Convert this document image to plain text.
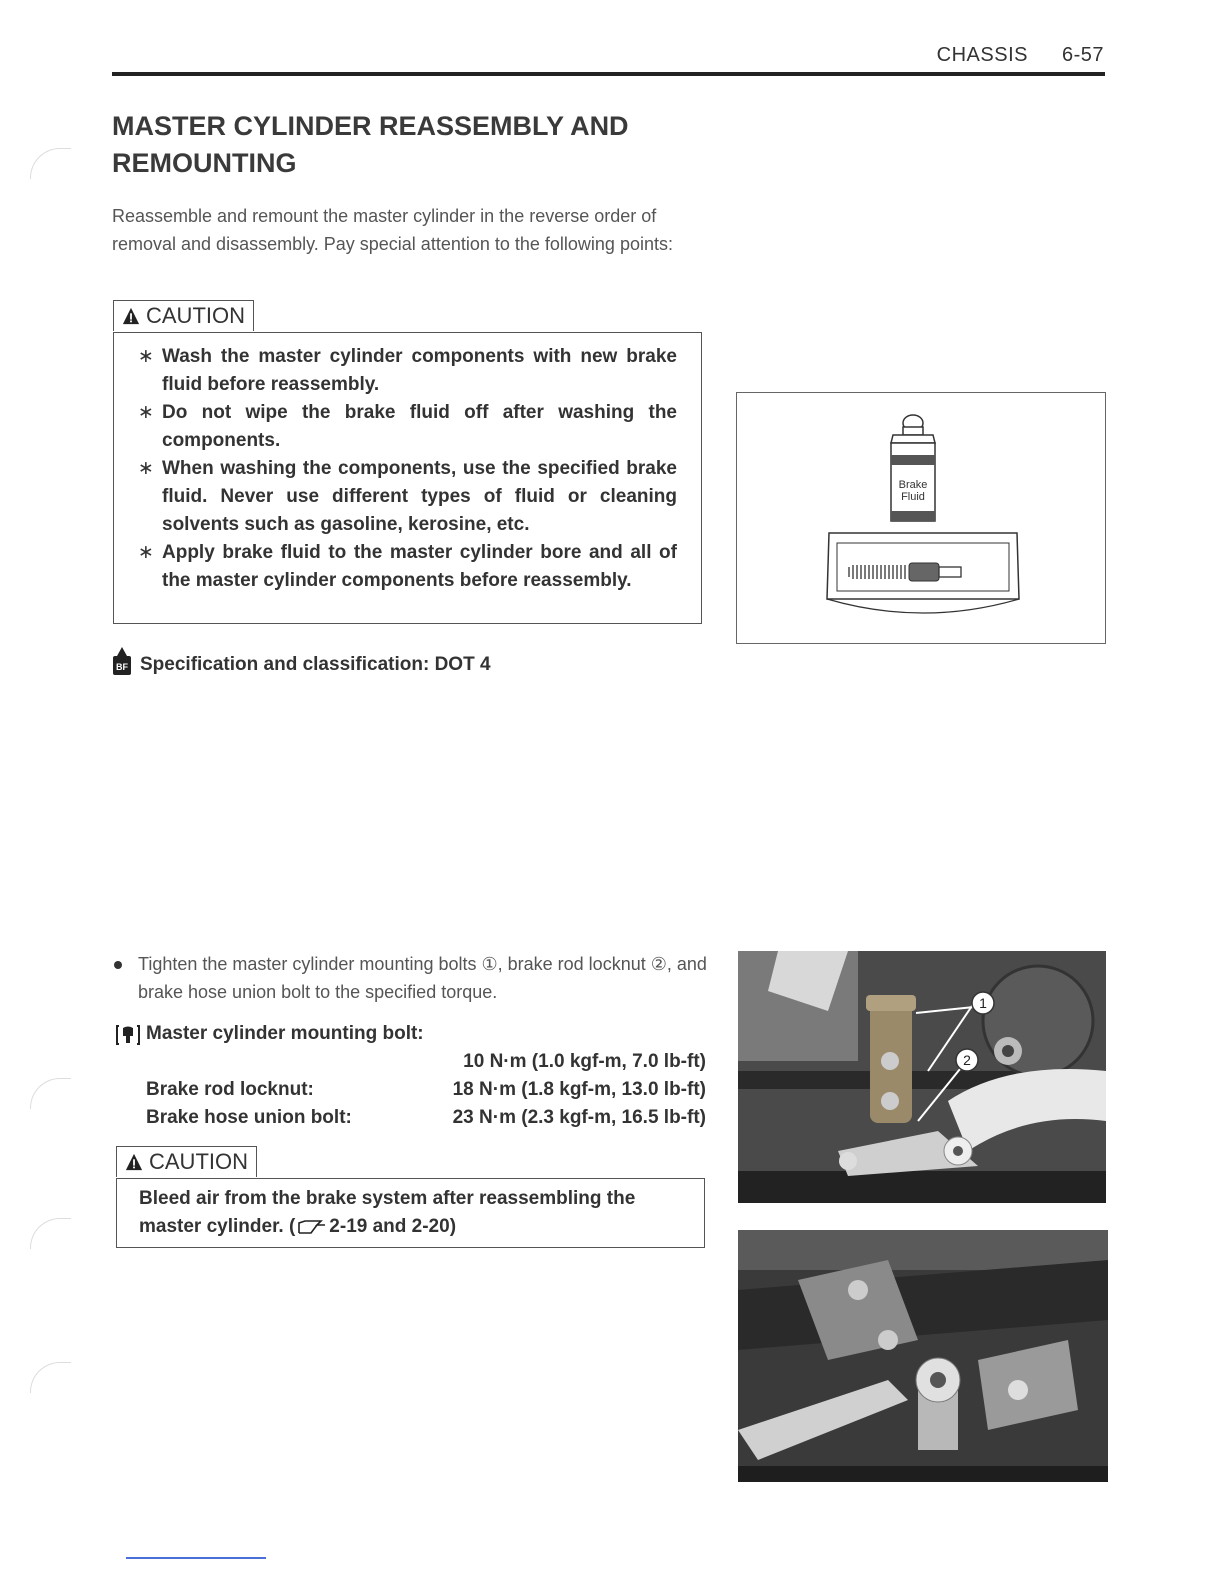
CHASSIS 6-57
MASTER CYLINDER REASSEMBLY AND
REMOUNTING
Reassemble and remount the master cylinder in the reverse order of removal and disassembly. Pay special attention to the following points:
CAUTION
∗ Wash the master cylinder components with new brake fluid before reassembly.
∗ Do not wipe the brake fluid off after washing the components.
∗ When washing the components, use the specified brake fluid. Never use different types of fluid or cleaning solvents such as gasoline, kerosine, etc.
∗ Apply brake fluid to the master cylinder bore and all of the master cylinder components before reassembly.
BF Specification and classification: DOT 4
Brake
Fluid
Tighten the master cylinder mounting bolts ①, brake rod locknut ②, and brake hose union bolt to the specified torque.
Master cylinder mounting bolt:
10 N·m (1.0 kgf-m, 7.0 lb-ft)
Brake rod locknut:	18 N·m (1.8 kgf-m, 13.0 lb-ft)
Brake hose union bolt:	23 N·m (2.3 kgf-m, 16.5 lb-ft)
CAUTION
Bleed air from the brake system after reassembling the master cylinder. ( 2-19 and 2-20)
1
2
